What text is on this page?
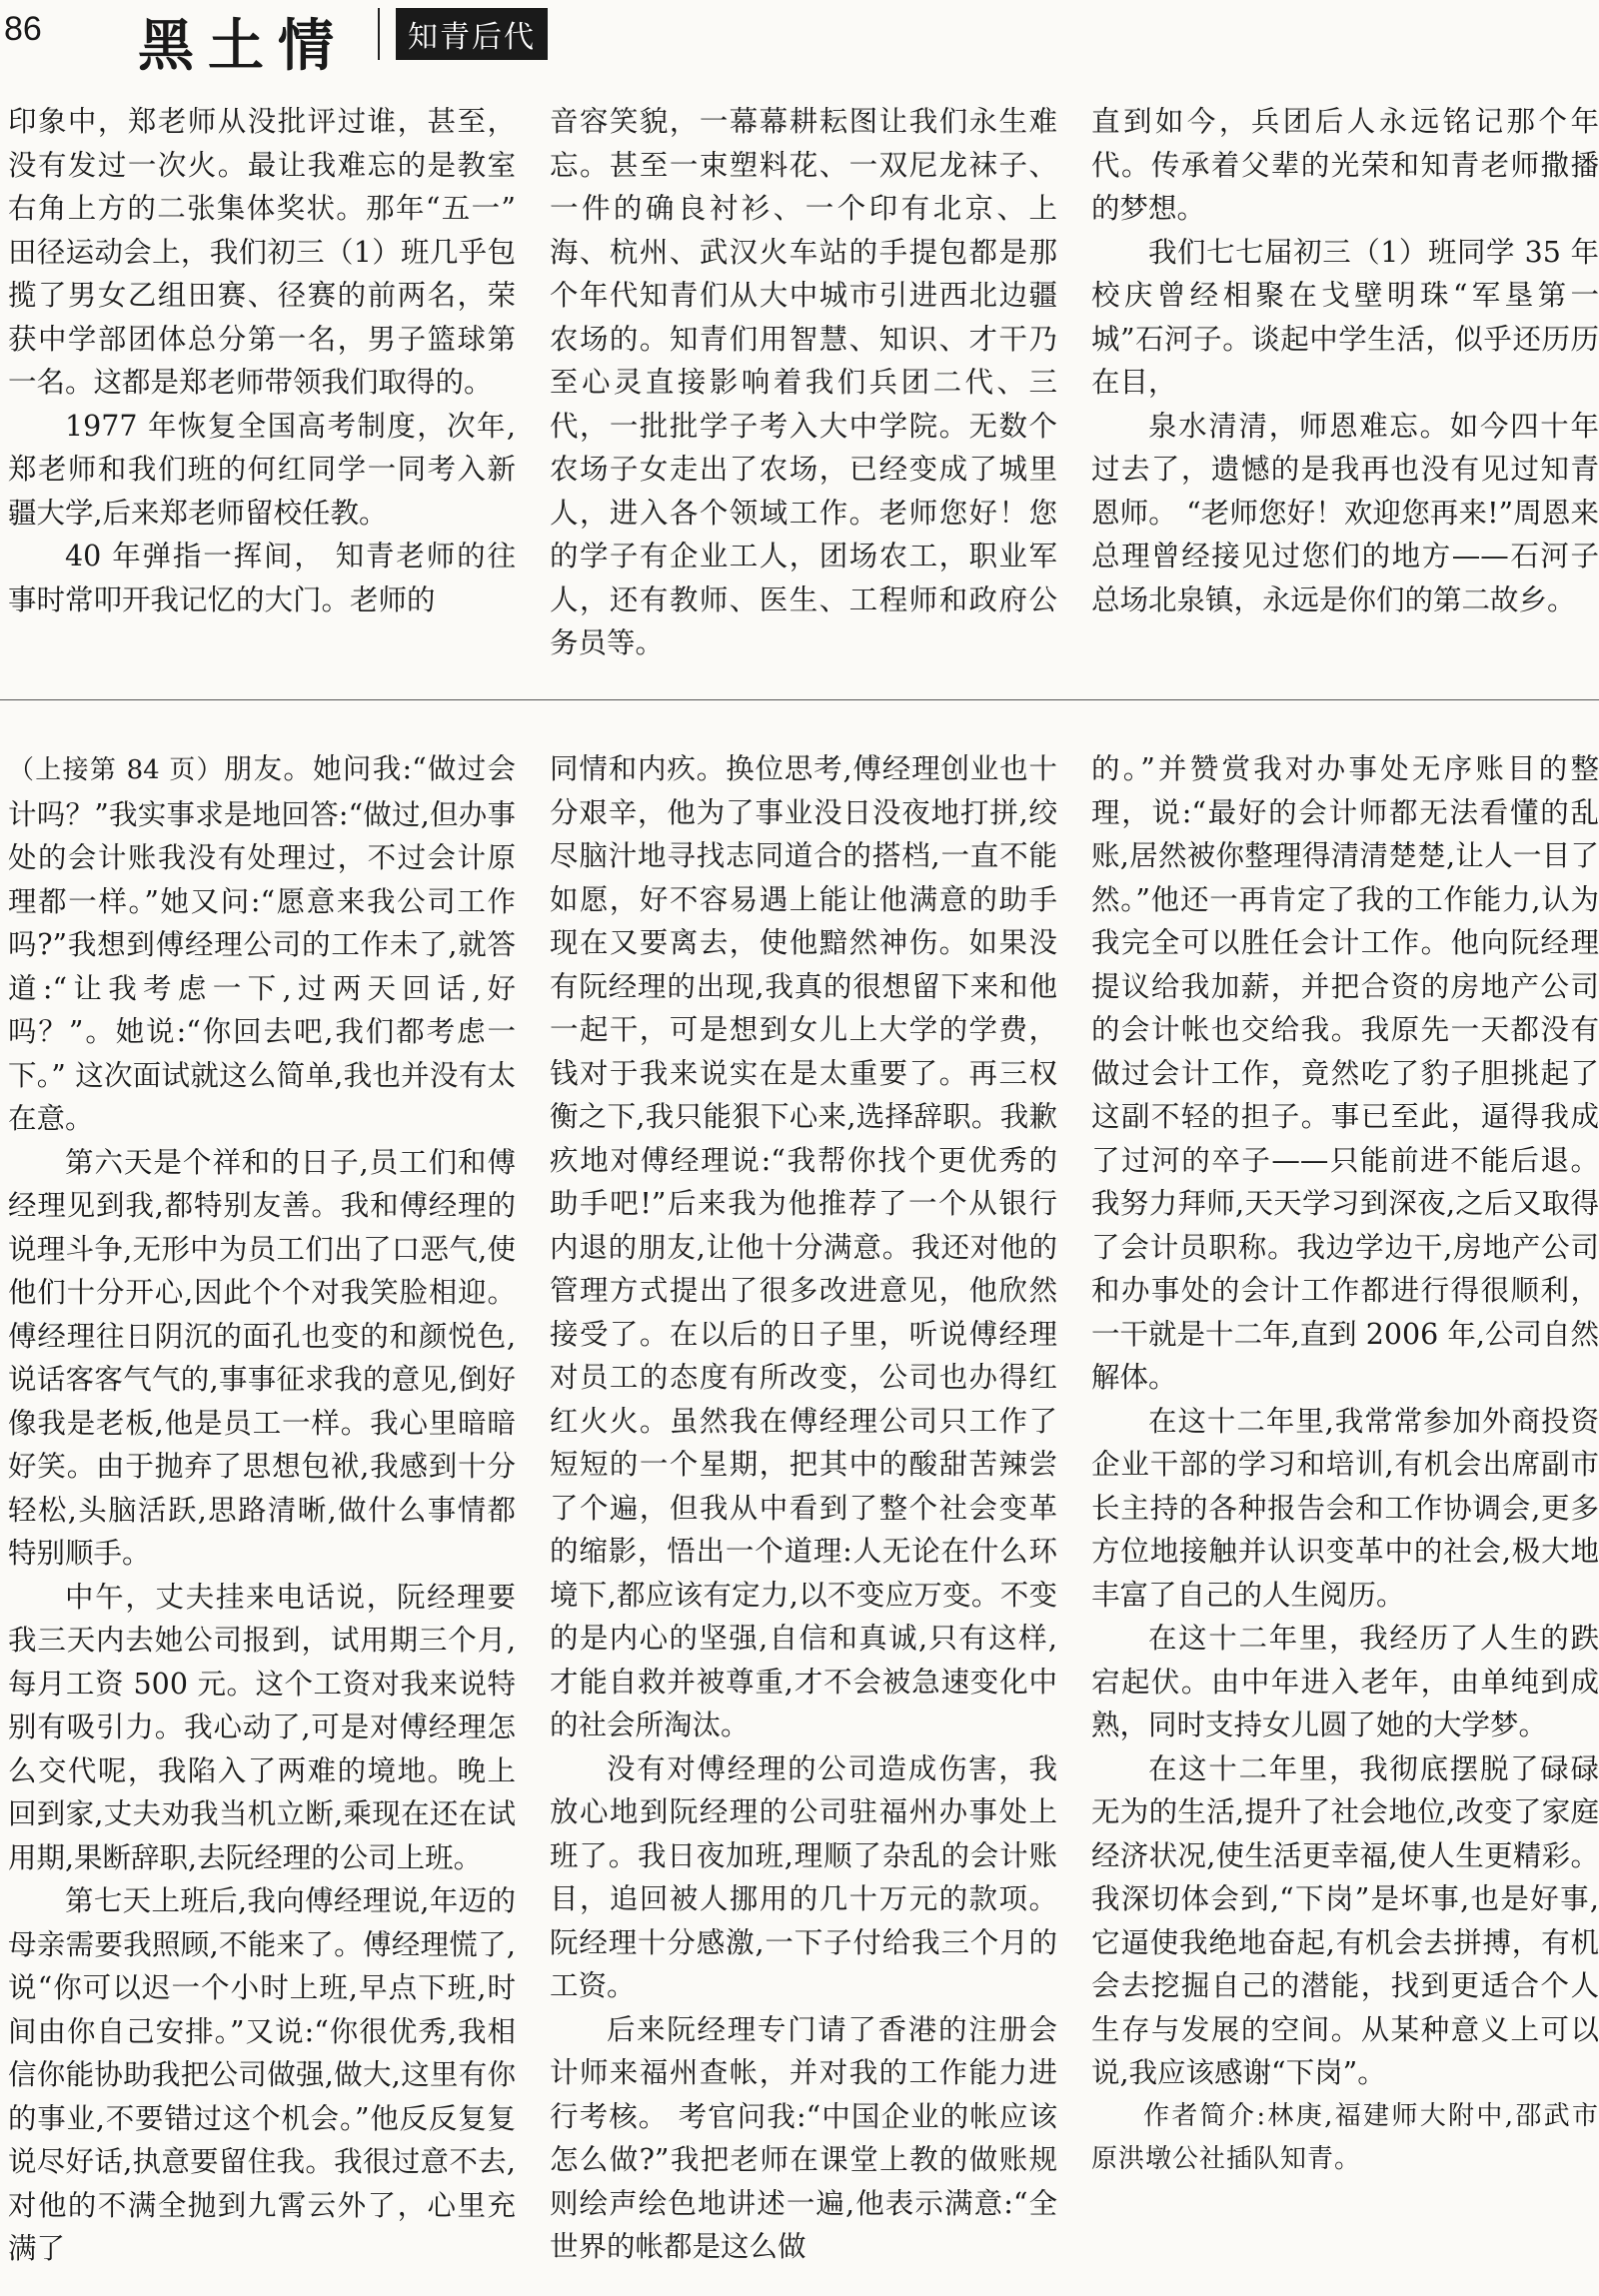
86 黑土情	知青后代

印象中，郑老师从没批评过谁，甚至，没有发过一次火。最让我难忘的是教室右角上方的二张集体奖状。那年“五一” 田径运动会上，我们初三（1）班几乎包揽了男女乙组田赛、径赛的前两名，荣获中学部团体总分第一名，男子篮球第一名。这都是郑老师带领我们取得的。

1977 年恢复全国高考制度，次年,郑老师和我们班的何红同学一同考入新疆大学,后来郑老师留校任教。

40 年弹指一挥间， 知青老师的往事时常叩开我记忆的大门。老师的

音容笑貌，一幕幕耕耘图让我们永生难忘。甚至一束塑料花、一双尼龙袜子、一件的确良衬衫、一个印有北京、上海、杭州、武汉火车站的手提包都是那个年代知青们从大中城市引进西北边疆农场的。知青们用智慧、知识、才干乃至心灵直接影响着我们兵团二代、三代，一批批学子考入大中学院。无数个农场子女走出了农场，已经变成了城里人，进入各个领域工作。老师您好！您的学子有企业工人，团场农工，职业军人，还有教师、医生、工程师和政府公务员等。

直到如今，兵团后人永远铭记那个年代。传承着父辈的光荣和知青老师撒播的梦想。

我们七七届初三（1）班同学 35 年校庆曾经相聚在戈壁明珠“军垦第一城”石河子。谈起中学生活，似乎还历历在目，

泉水清清，师恩难忘。如今四十年过去了，遗憾的是我再也没有见过知青恩师。 “老师您好！欢迎您再来!”周恩来总理曾经接见过您们的地方——石河子总场北泉镇，永远是你们的第二故乡。

（上接第 84 页）朋友。她问我:“做过会计吗？”我实事求是地回答:“做过,但办事处的会计账我没有处理过，不过会计原理都一样。”她又问:“愿意来我公司工作吗?”我想到傅经理公司的工作未了,就答道:“让我考虑一下,过两天回话,好吗？”。她说:“你回去吧,我们都考虑一下。” 这次面试就这么简单,我也并没有太在意。

第六天是个祥和的日子,员工们和傅经理见到我,都特别友善。我和傅经理的说理斗争,无形中为员工们出了口恶气,使他们十分开心,因此个个对我笑脸相迎。傅经理往日阴沉的面孔也变的和颜悦色,说话客客气气的,事事征求我的意见,倒好像我是老板,他是员工一样。我心里暗暗好笑。由于抛弃了思想包袱,我感到十分轻松,头脑活跃,思路清晰,做什么事情都特别顺手。

中午，丈夫挂来电话说，阮经理要我三天内去她公司报到，试用期三个月,每月工资 500 元。这个工资对我来说特别有吸引力。我心动了,可是对傅经理怎么交代呢，我陷入了两难的境地。晚上回到家,丈夫劝我当机立断,乘现在还在试用期,果断辞职,去阮经理的公司上班。

第七天上班后,我向傅经理说,年迈的母亲需要我照顾,不能来了。傅经理慌了,说“你可以迟一个小时上班,早点下班,时间由你自己安排。”又说:“你很优秀,我相信你能协助我把公司做强,做大,这里有你的事业,不要错过这个机会。”他反反复复说尽好话,执意要留住我。我很过意不去,对他的不满全抛到九霄云外了，心里充满了

同情和内疚。换位思考,傅经理创业也十分艰辛，他为了事业没日没夜地打拼,绞尽脑汁地寻找志同道合的搭档,一直不能如愿，好不容易遇上能让他满意的助手现在又要离去，使他黯然神伤。如果没有阮经理的出现,我真的很想留下来和他一起干，可是想到女儿上大学的学费，钱对于我来说实在是太重要了。再三权衡之下,我只能狠下心来,选择辞职。我歉疚地对傅经理说:“我帮你找个更优秀的助手吧!”后来我为他推荐了一个从银行内退的朋友,让他十分满意。我还对他的管理方式提出了很多改进意见，他欣然接受了。在以后的日子里，听说傅经理对员工的态度有所改变，公司也办得红红火火。虽然我在傅经理公司只工作了短短的一个星期，把其中的酸甜苦辣尝了个遍，但我从中看到了整个社会变革的缩影，悟出一个道理:人无论在什么环境下,都应该有定力,以不变应万变。不变的是内心的坚强,自信和真诚,只有这样,才能自救并被尊重,才不会被急速变化中的社会所淘汰。

没有对傅经理的公司造成伤害，我放心地到阮经理的公司驻福州办事处上班了。我日夜加班,理顺了杂乱的会计账目，追回被人挪用的几十万元的款项。阮经理十分感激,一下子付给我三个月的工资。

后来阮经理专门请了香港的注册会计师来福州查帐，并对我的工作能力进行考核。 考官问我:“中国企业的帐应该怎么做?”我把老师在课堂上教的做账规则绘声绘色地讲述一遍,他表示满意:“全世界的帐都是这么做

的。”并赞赏我对办事处无序账目的整理，说:“最好的会计师都无法看懂的乱账,居然被你整理得清清楚楚,让人一目了然。”他还一再肯定了我的工作能力,认为我完全可以胜任会计工作。他向阮经理提议给我加薪，并把合资的房地产公司的会计帐也交给我。我原先一天都没有做过会计工作，竟然吃了豹子胆挑起了这副不轻的担子。事已至此，逼得我成了过河的卒子——只能前进不能后退。我努力拜师,天天学习到深夜,之后又取得了会计员职称。我边学边干,房地产公司和办事处的会计工作都进行得很顺利，一干就是十二年,直到 2006 年,公司自然解体。

在这十二年里,我常常参加外商投资企业干部的学习和培训,有机会出席副市长主持的各种报告会和工作协调会,更多方位地接触并认识变革中的社会,极大地丰富了自己的人生阅历。

在这十二年里，我经历了人生的跌宕起伏。由中年进入老年，由单纯到成熟，同时支持女儿圆了她的大学梦。

在这十二年里，我彻底摆脱了碌碌无为的生活,提升了社会地位,改变了家庭经济状况,使生活更幸福,使人生更精彩。我深切体会到,“下岗”是坏事,也是好事,它逼使我绝地奋起,有机会去拼搏，有机会去挖掘自己的潜能，找到更适合个人生存与发展的空间。从某种意义上可以说,我应该感谢“下岗”。

作者简介:林庚,福建师大附中,邵武市原洪墩公社插队知青。
